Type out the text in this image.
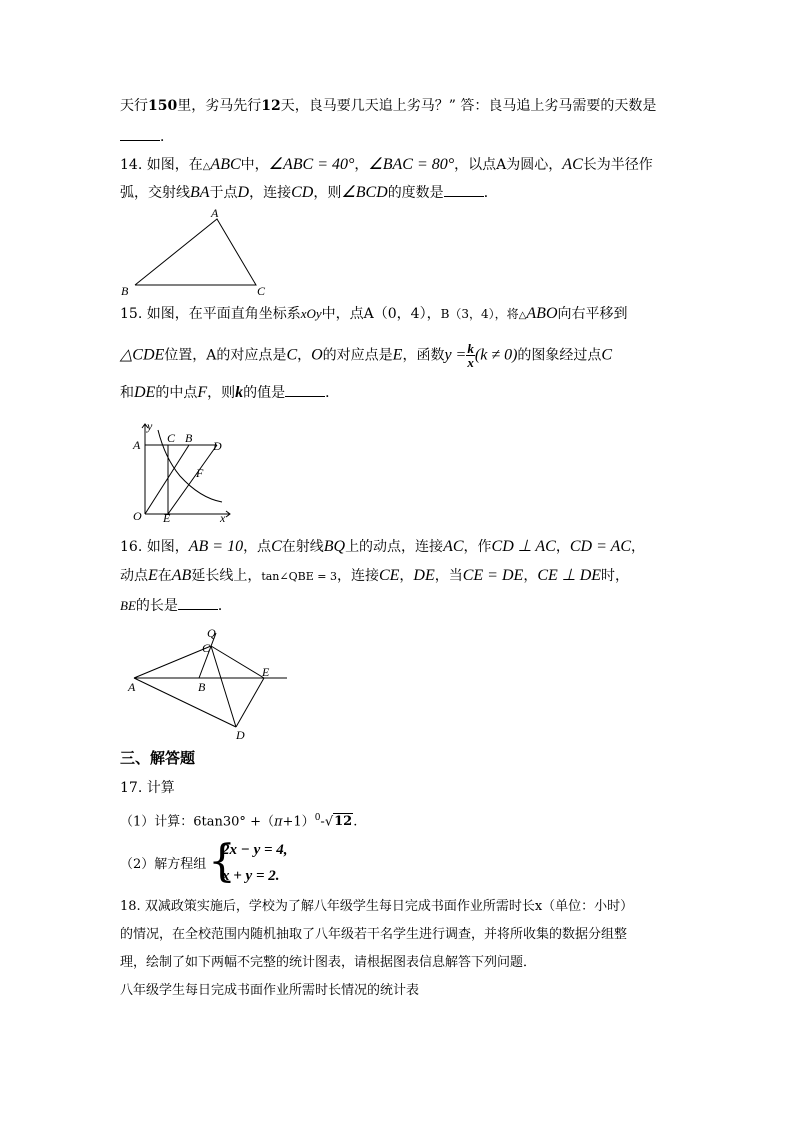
天行150里，劣马先行12天，良马要几天追上劣马？” 答：良马追上劣马需要的天数是
．
14. 如图，在△ABC中，∠ABC = 40°，∠BAC = 80°，以点A为圆心，AC长为半径作
弧，交射线BA于点D，连接CD，则∠BCD的度数是	．
A
B	C
15. 如图，在平面直角坐标系xOy中，点A（0，4），B（3，4），将△ABO向右平移到
△CDE位置，A的对应点是C，O的对应点是E，函数$y = \frac{k}{x} (k \ne 0)$的图象经过点C
和DE的中点F，则k的值是	．
y
C B
D
A
F
O E	x
16. 如图，AB = 10，点C在射线BQ上的动点，连接AC，作CD ⊥ AC，CD = AC，
动点E在AB延长线上，tan∠QBE = 3，连接CE，DE，当CE = DE，CE ⊥ DE时，
BE的长是	．
Q
C
E
A	B
D
三、解答题
17. 计算
（1）计算：$6\tan 30^\circ +(\pi+1)^0-√12$.
（2）解方程组 {
2x − y = 4,
x + y = 2.
18. 双减政策实施后，学校为了解八年级学生每日完成书面作业所需时长x（单位：小时）
的情况，在全校范围内随机抽取了八年级若干名学生进行调查，并将所收集的数据分组整
理，绘制了如下两幅不完整的统计图表，请根据图表信息解答下列问题．
八年级学生每日完成书面作业所需时长情况的统计表
